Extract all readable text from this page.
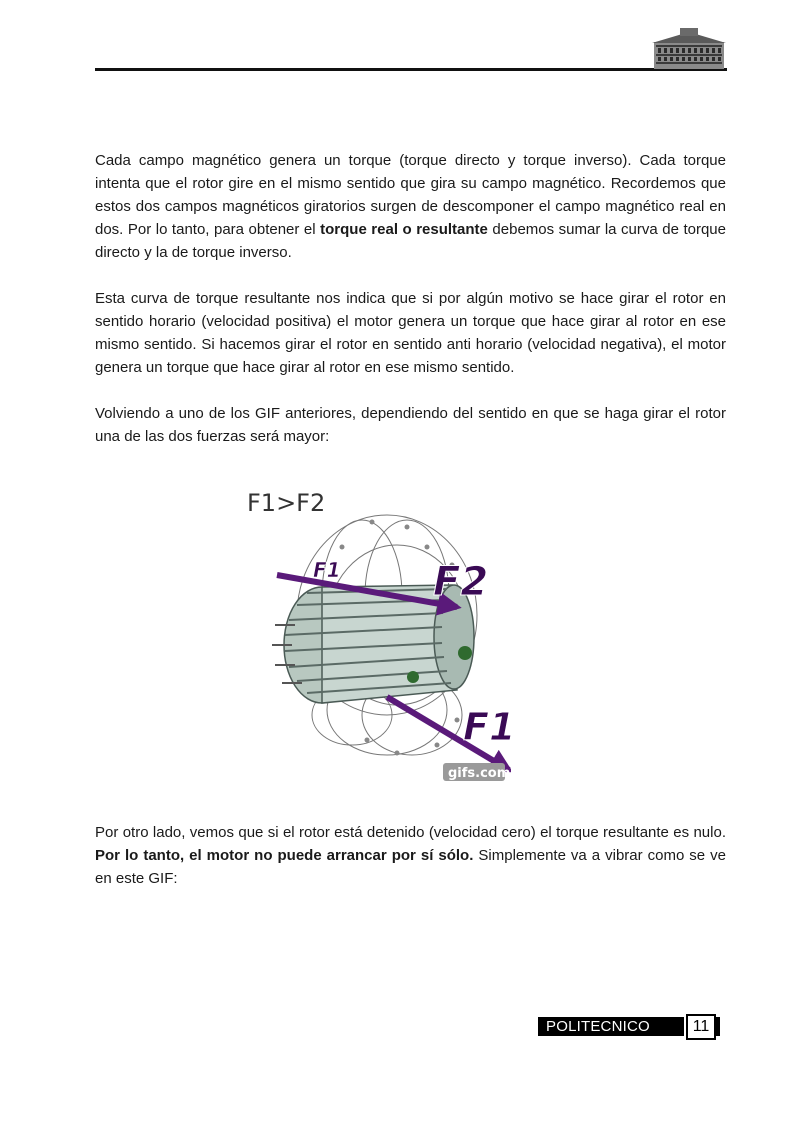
Cada campo magnético genera un torque (torque directo y torque inverso). Cada torque intenta que el rotor gire en el mismo sentido que gira su campo magnético. Recordemos que estos dos campos magnéticos giratorios surgen de descomponer el campo magnético real en dos. Por lo tanto, para obtener el torque real o resultante debemos sumar la curva de torque directo y la de torque inverso.

Esta curva de torque resultante nos indica que si por algún motivo se hace girar el rotor en sentido horario (velocidad positiva) el motor genera un torque que hace girar al rotor en ese mismo sentido. Si hacemos girar el rotor en sentido anti horario (velocidad negativa), el motor genera un torque que hace girar al rotor en ese mismo sentido.

Volviendo a uno de los GIF anteriores, dependiendo del sentido en que se haga girar el rotor una de las dos fuerzas será mayor:

F1>F2
F1 F2
F1
gifs.com

Por otro lado, vemos que si el rotor está detenido (velocidad cero) el torque resultante es nulo. Por lo tanto, el motor no puede arrancar por sí sólo. Simplemente va a vibrar como se ve en este GIF:

POLITECNICO	11
